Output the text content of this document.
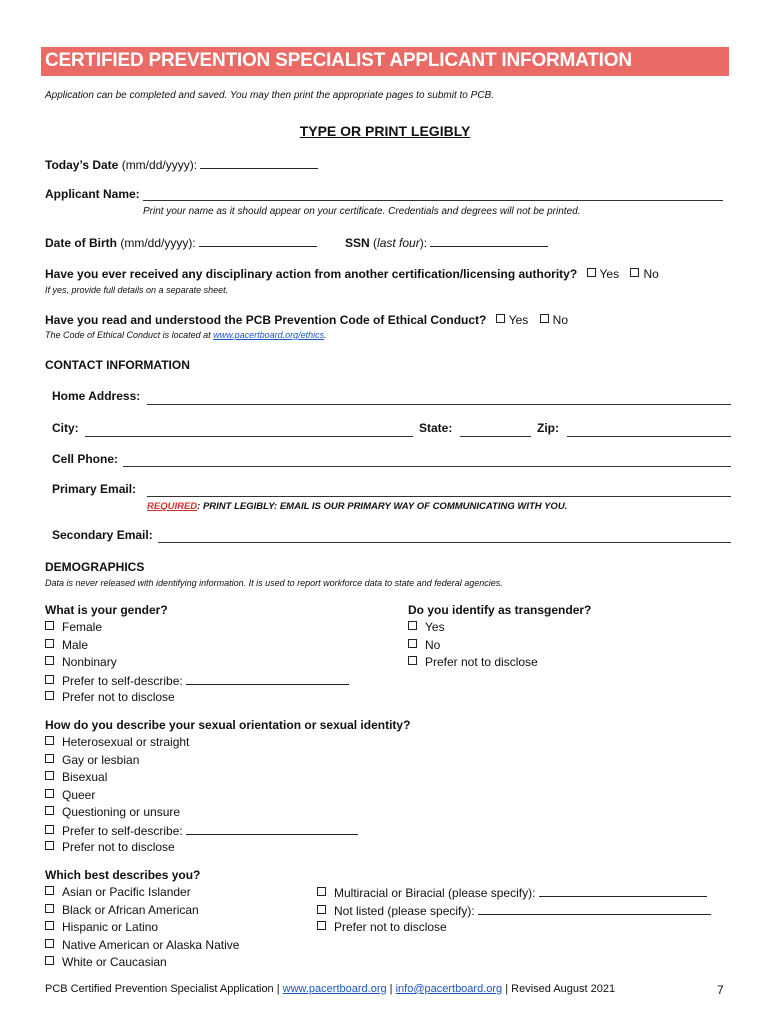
CERTIFIED PREVENTION SPECIALIST APPLICANT INFORMATION
Application can be completed and saved. You may then print the appropriate pages to submit to PCB.
TYPE OR PRINT LEGIBLY
Today’s Date (mm/dd/yyyy):
Applicant Name:
Print your name as it should appear on your certificate. Credentials and degrees will not be printed.
Date of Birth (mm/dd/yyyy):	SSN (last four):
Have you ever received any disciplinary action from another certification/licensing authority? Yes No
If yes, provide full details on a separate sheet.
Have you read and understood the PCB Prevention Code of Ethical Conduct? Yes No
The Code of Ethical Conduct is located at www.pacertboard.org/ethics.
CONTACT INFORMATION
Home Address:
City:	State:	Zip:
Cell Phone:
Primary Email:
REQUIRED: PRINT LEGIBLY: EMAIL IS OUR PRIMARY WAY OF COMMUNICATING WITH YOU.
Secondary Email:
DEMOGRAPHICS
Data is never released with identifying information. It is used to report workforce data to state and federal agencies.
What is your gender?
Female
Male
Nonbinary
Prefer to self-describe:
Prefer not to disclose
Do you identify as transgender?
Yes
No
Prefer not to disclose
How do you describe your sexual orientation or sexual identity?
Heterosexual or straight
Gay or lesbian
Bisexual
Queer
Questioning or unsure
Prefer to self-describe:
Prefer not to disclose
Which best describes you?
Asian or Pacific Islander
Black or African American
Hispanic or Latino
Native American or Alaska Native
White or Caucasian
Multiracial or Biracial (please specify):
Not listed (please specify):
Prefer not to disclose
PCB Certified Prevention Specialist Application | www.pacertboard.org | info@pacertboard.org | Revised August 2021	7
